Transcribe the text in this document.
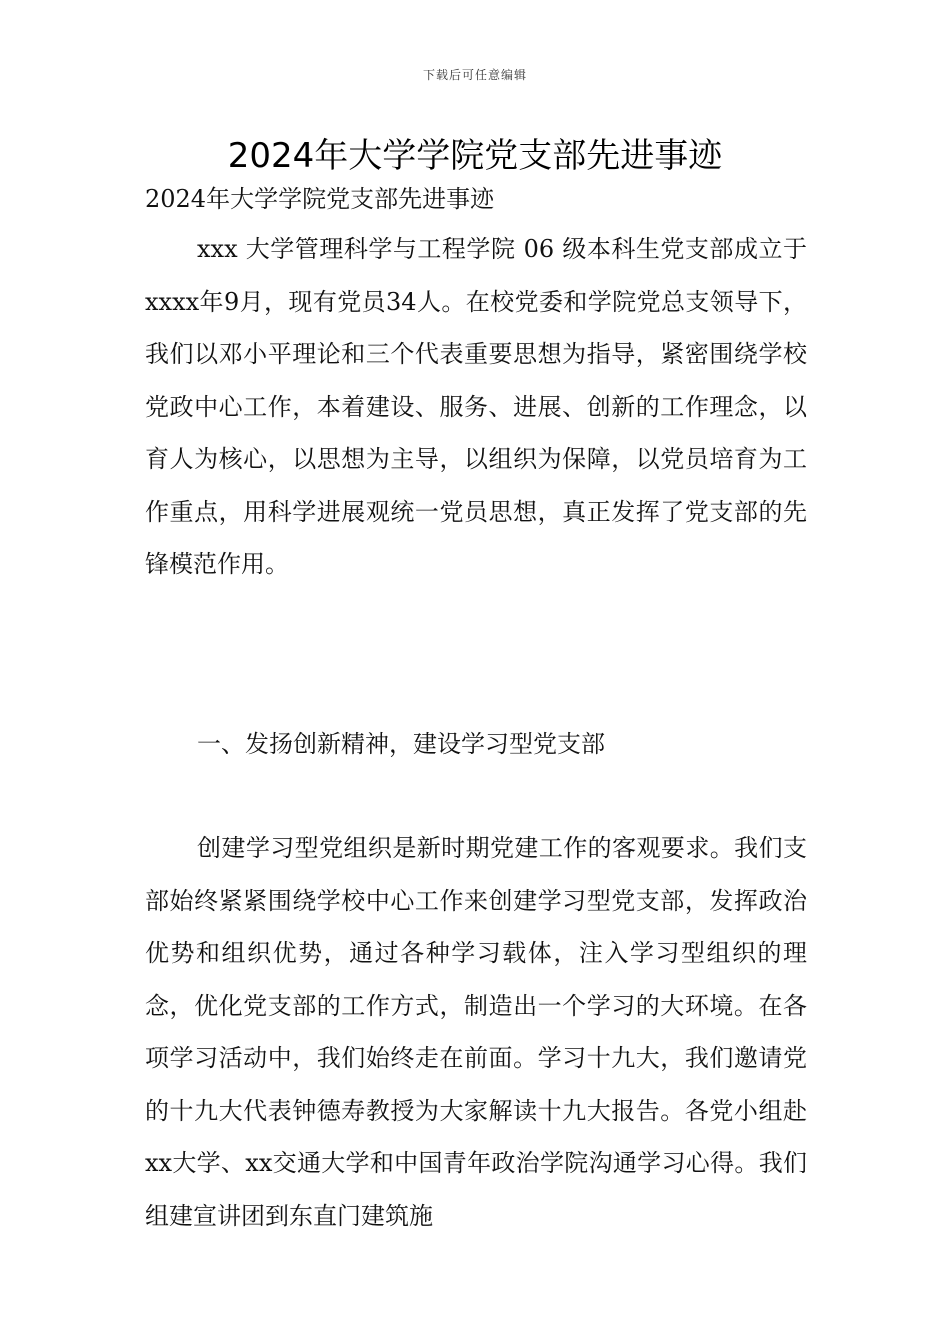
下载后可任意编辑
2024年大学学院党支部先进事迹

2024年大学学院党支部先进事迹

xxx 大学管理科学与工程学院 06 级本科生党支部成立于xxxx年9月，现有党员34人。在校党委和学院党总支领导下，我们以邓小平理论和三个代表重要思想为指导，紧密围绕学校党政中心工作，本着建设、服务、进展、创新的工作理念，以育人为核心，以思想为主导，以组织为保障，以党员培育为工作重点，用科学进展观统一党员思想，真正发挥了党支部的先锋模范作用。

一、发扬创新精神，建设学习型党支部

创建学习型党组织是新时期党建工作的客观要求。我们支部始终紧紧围绕学校中心工作来创建学习型党支部，发挥政治优势和组织优势，通过各种学习载体，注入学习型组织的理念，优化党支部的工作方式，制造出一个学习的大环境。在各项学习活动中，我们始终走在前面。学习十九大，我们邀请党的十九大代表钟德寿教授为大家解读十九大报告。各党小组赴xx大学、xx交通大学和中国青年政治学院沟通学习心得。我们组建宣讲团到东直门建筑施
